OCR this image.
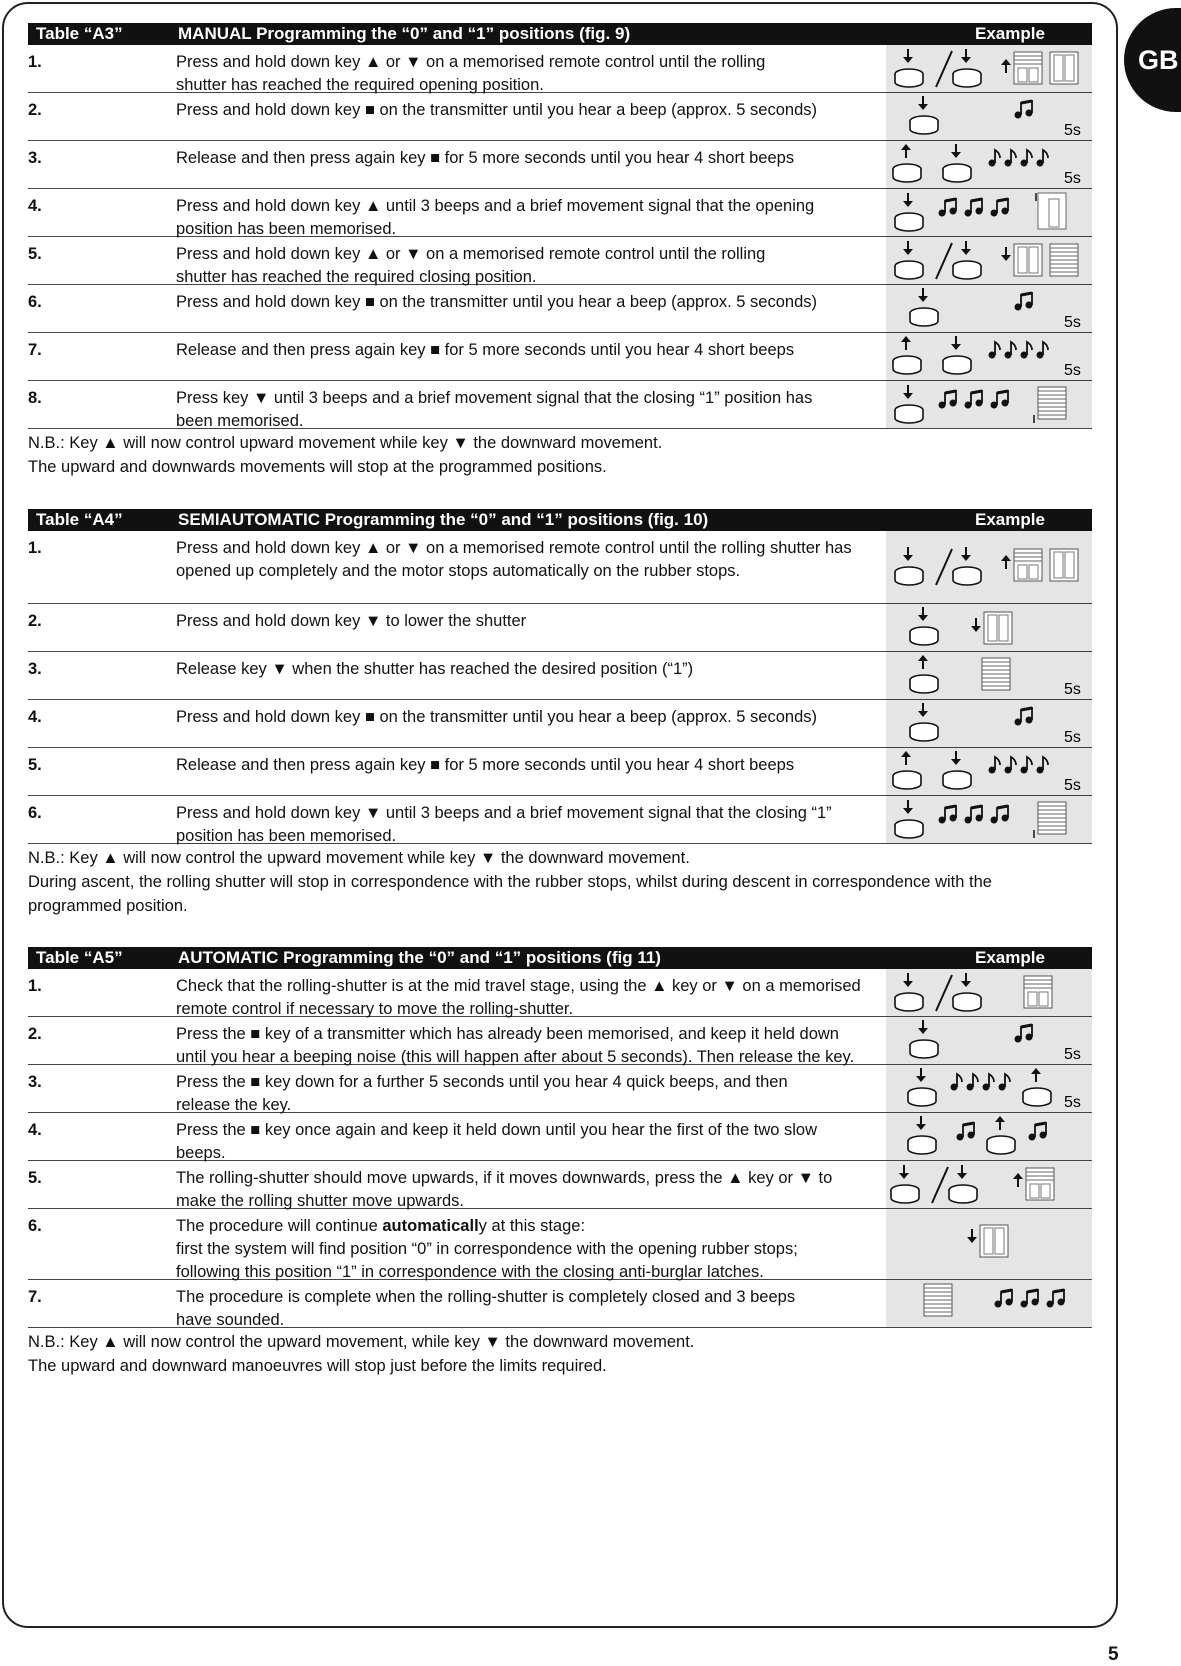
GB
5
Table “A3”	MANUAL Programming the “0” and “1” positions (fig. 9)	Example
1.	Press and hold down key ▲ or ▼ on a memorised remote control until the rolling
shutter has reached the required opening position.
2.	Press and hold down key ■ on the transmitter until you hear a beep (approx. 5 seconds)
5s
3.	Release and then press again key ■ for 5 more seconds until you hear 4 short beeps
5s
4.	Press and hold down key ▲ until 3 beeps and a brief movement signal that the opening
position has been memorised.
5.	Press and hold down key ▲ or ▼ on a memorised remote control until the rolling
shutter has reached the required closing position.
6.	Press and hold down key ■ on the transmitter until you hear a beep (approx. 5 seconds)
5s
7.	Release and then press again key ■ for 5 more seconds until you hear 4 short beeps
5s
8.	Press key ▼ until 3 beeps and a brief movement signal that the closing “1” position has
been memorised.
N.B.: Key ▲ will now control upward movement while key ▼ the downward movement.
The upward and downwards movements will stop at the programmed positions.
Table “A4”	SEMIAUTOMATIC Programming the “0” and “1” positions (fig. 10)	Example
1.	Press and hold down key ▲ or ▼ on a memorised remote control until the rolling shutter has
opened up completely and the motor stops automatically on the rubber stops.
2.	Press and hold down key ▼ to lower the shutter
3.	Release key ▼ when the shutter has reached the desired position (“1”)
5s
4.	Press and hold down key ■ on the transmitter until you hear a beep (approx. 5 seconds)
5s
5.	Release and then press again key ■ for 5 more seconds until you hear 4 short beeps
5s
6.	Press and hold down key ▼ until 3 beeps and a brief movement signal that the closing “1”
position has been memorised.
N.B.: Key ▲ will now control the upward movement while key ▼ the downward movement.
During ascent, the rolling shutter will stop in correspondence with the rubber stops, whilst during descent in correspondence with the
programmed position.
Table “A5”	AUTOMATIC Programming the “0” and “1” positions (fig 11)	Example
1.	Check that the rolling-shutter is at the mid travel stage, using the ▲ key or ▼ on a memorised
remote control if necessary to move the rolling-shutter.
2.	Press the ■ key of a transmitter which has already been memorised, and keep it held down
until you hear a beeping noise (this will happen after about 5 seconds). Then release the key.	5s
3.	Press the ■ key down for a further 5 seconds until you hear 4 quick beeps, and then
release the key.	5s
4.	Press the ■ key once again and keep it held down until you hear the first of the two slow
beeps.
5.	The rolling-shutter should move upwards, if it moves downwards, press the ▲ key or ▼ to
make the rolling shutter move upwards.
6.	The procedure will continue automatically at this stage:
first the system will find position “0” in correspondence with the opening rubber stops;
following this position “1” in correspondence with the closing anti-burglar latches.
7.	The procedure is complete when the rolling-shutter is completely closed and 3 beeps
have sounded.
N.B.: Key ▲ will now control the upward movement, while key ▼ the downward movement.
The upward and downward manoeuvres will stop just before the limits required.
